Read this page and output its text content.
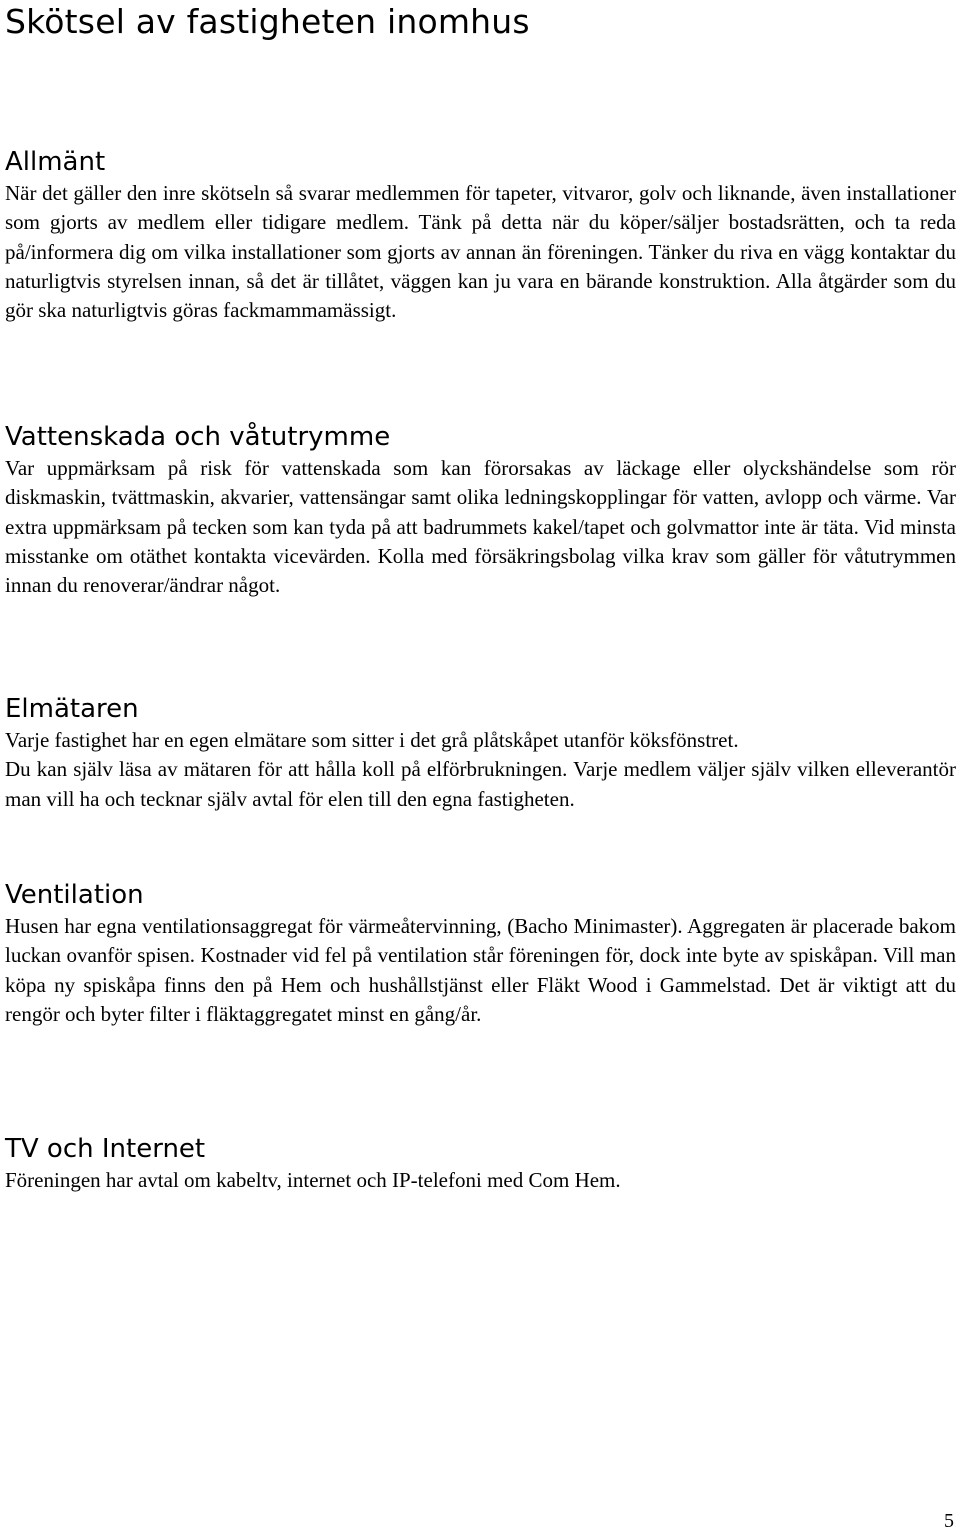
Skötsel av fastigheten inomhus
Allmänt

När det gäller den inre skötseln så svarar medlemmen för tapeter, vitvaror, golv och liknande, även installationer som gjorts av medlem eller tidigare medlem. Tänk på detta när du köper/säljer bostadsrätten, och ta reda på/informera dig om vilka installationer som gjorts av annan än föreningen. Tänker du riva en vägg kontaktar du naturligtvis styrelsen innan, så det är tillåtet, väggen kan ju vara en bärande konstruktion. Alla åtgärder som du gör ska naturligtvis göras fackmammamässigt.

Vattenskada och våtutrymme

Var uppmärksam på risk för vattenskada som kan förorsakas av läckage eller olyckshändelse som rör diskmaskin, tvättmaskin, akvarier, vattensängar samt olika ledningskopplingar för vatten, avlopp och värme. Var extra uppmärksam på tecken som kan tyda på att badrummets kakel/tapet och golvmattor inte är täta. Vid minsta misstanke om otäthet kontakta vicevärden. Kolla med försäkringsbolag vilka krav som gäller för våtutrymmen innan du renoverar/ändrar något.

Elmätaren

Varje fastighet har en egen elmätare som sitter i det grå plåtskåpet utanför köksfönstret.

Du kan själv läsa av mätaren för att hålla koll på elförbrukningen. Varje medlem väljer själv vilken elleverantör man vill ha och tecknar själv avtal för elen till den egna fastigheten.

Ventilation

Husen har egna ventilationsaggregat för värmeåtervinning, (Bacho Minimaster). Aggregaten är placerade bakom luckan ovanför spisen. Kostnader vid fel på ventilation står föreningen för, dock inte byte av spiskåpan. Vill man köpa ny spiskåpa finns den på Hem och hushållstjänst eller Fläkt Wood i Gammelstad. Det är viktigt att du rengör och byter filter i fläktaggregatet minst en gång/år.

TV och Internet

Föreningen har avtal om kabeltv, internet och IP-telefoni med Com Hem.

5
